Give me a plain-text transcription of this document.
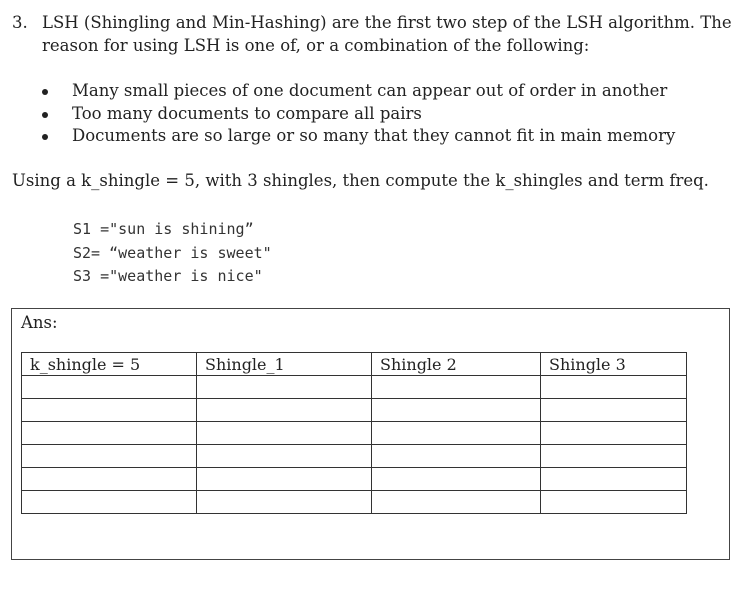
3. LSH (Shingling and Min-Hashing) are the first two step of the LSH algorithm. The reason for using LSH is one of, or a combination of the following:
Many small pieces of one document can appear out of order in another
Too many documents to compare all pairs
Documents are so large or so many that they cannot fit in main memory
Using a k_shingle = 5, with 3 shingles, then compute the k_shingles and term freq.
S1 ="sun is shining”
S2= “weather is sweet"
S3 ="weather is nice"
Ans:
k_shingle = 5	Shingle_1	Shingle 2	Shingle 3
